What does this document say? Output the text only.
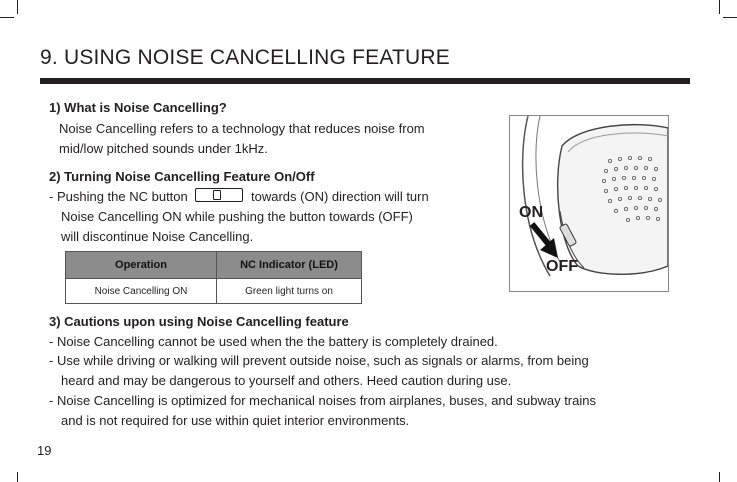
9. USING NOISE CANCELLING FEATURE
1) What is Noise Cancelling?
Noise Cancelling refers to a technology that reduces noise from
mid/low pitched sounds under 1kHz.
2) Turning Noise Cancelling Feature On/Off
- Pushing the NC button	towards (ON) direction will turn
Noise Cancelling ON while pushing the button towards (OFF)
will discontinue Noise Cancelling.
Operation	NC Indicator (LED)
Noise Cancelling ON	Green light turns on
ON
OFF
3) Cautions upon using Noise Cancelling feature
- Noise Cancelling cannot be used when the the battery is completely drained.
- Use while driving or walking will prevent outside noise, such as signals or alarms, from being
heard and may be dangerous to yourself and others. Heed caution during use.
- Noise Cancelling is optimized for mechanical noises from airplanes, buses, and subway trains
and is not required for use within quiet interior environments.
19
